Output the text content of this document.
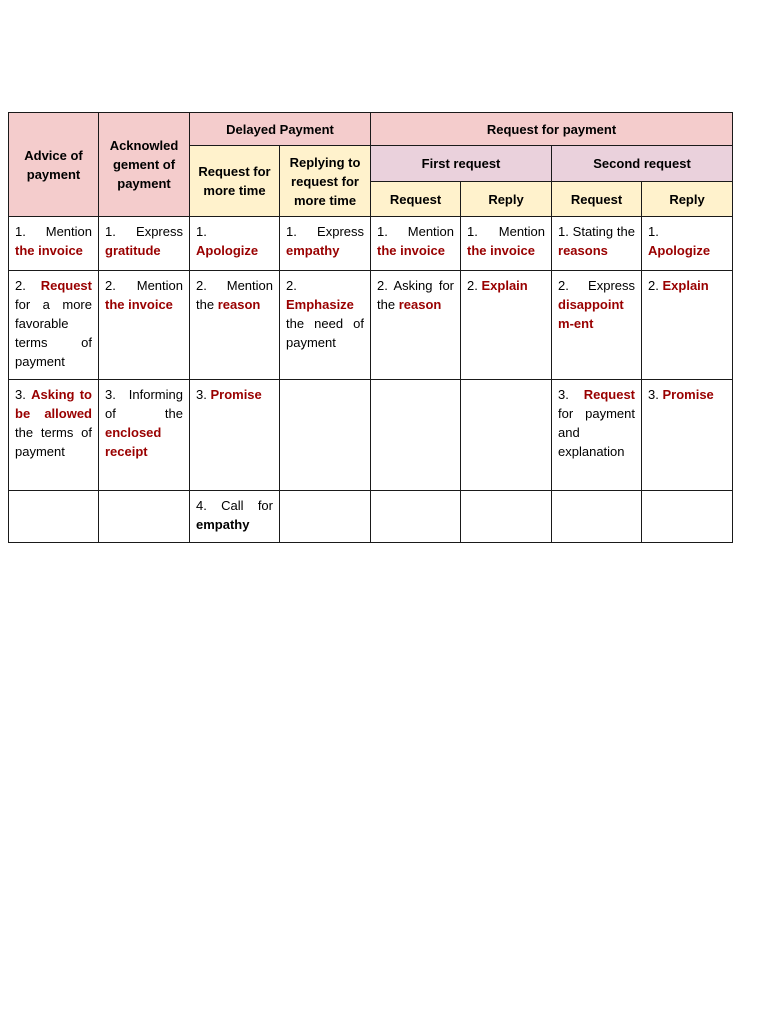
Advice of payment	Acknowled
gement of
payment	Delayed Payment		Request for payment			

		Request for more time	Replying to request for more time	First request		Second request	
				Request	Reply	Request	Reply

1. Mention the invoice	1. Express gratitude	1.
Apologize	1. Express empathy	1. Mention the invoice	1. Mention the invoice	1. Stating the reasons	1.
Apologize

2. Request for a more favorable terms of payment	2. Mention the invoice	2. Mention the reason	2.
Emphasize the need of payment	2. Asking for the reason	2. Explain	2. Express disappoint m-ent	2. Explain

3. Asking to be allowed the terms of payment	3. Informing of the enclosed receipt	3. Promise				3. Request for payment and explanation	3. Promise

		4. Call for empathy					
